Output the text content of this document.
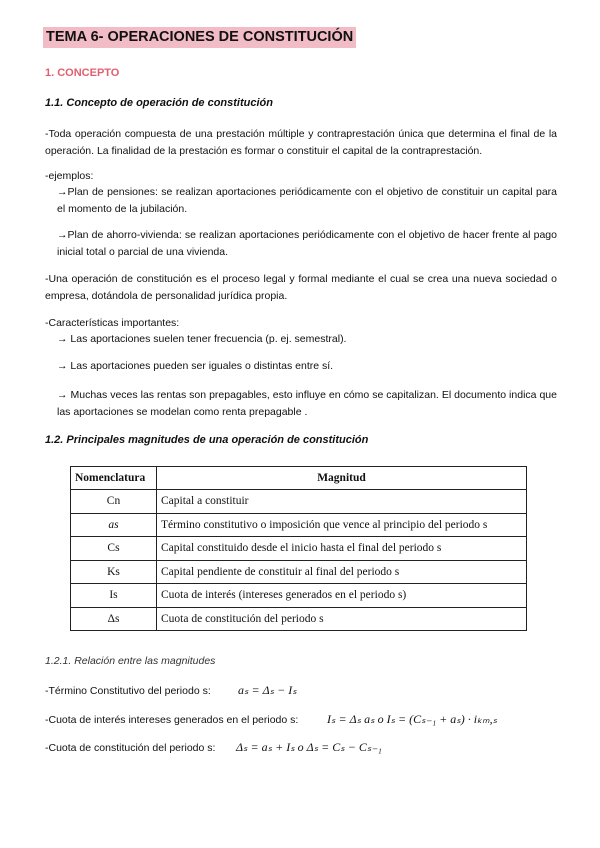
TEMA 6- OPERACIONES DE CONSTITUCIÓN
1. CONCEPTO
1.1. Concepto de operación de constitución
-Toda operación compuesta de una prestación múltiple y contraprestación única que determina el final de la operación. La finalidad de la prestación es formar o constituir el capital de la contraprestación.
-ejemplos:
→Plan de pensiones: se realizan aportaciones periódicamente con el objetivo de constituir un capital para el momento de la jubilación.
→Plan de ahorro-vivienda: se realizan aportaciones periódicamente con el objetivo de hacer frente al pago inicial total o parcial de una vivienda.
-Una operación de constitución es el proceso legal y formal mediante el cual se crea una nueva sociedad o empresa, dotándola de personalidad jurídica propia.
-Características importantes:
→ Las aportaciones suelen tener frecuencia (p. ej. semestral).
→ Las aportaciones pueden ser iguales o distintas entre sí.
→ Muchas veces las rentas son prepagables, esto influye en cómo se capitalizan. El documento indica que las aportaciones se modelan como renta prepagable .
1.2. Principales magnitudes de una operación de constitución
Nomenclatura	Magnitud
Cn	Capital a constituir
as	Término constitutivo o imposición que vence al principio del periodo s
Cs	Capital constituido desde el inicio hasta el final del periodo s
Ks	Capital pendiente de constituir al final del periodo s
Is	Cuota de interés (intereses generados en el periodo s)
Δs	Cuota de constitución del periodo s
1.2.1. Relación entre las magnitudes
-Término Constitutivo del periodo s: aₛ = Δₛ − Iₛ
-Cuota de interés intereses generados en el periodo s: Iₛ = Δₛ aₛ o Iₛ = (Cₛ₋₁ + aₛ) · iₖₘ,ₛ
-Cuota de constitución del periodo s: Δₛ = aₛ + Iₛ o Δₛ = Cₛ − Cₛ₋₁
